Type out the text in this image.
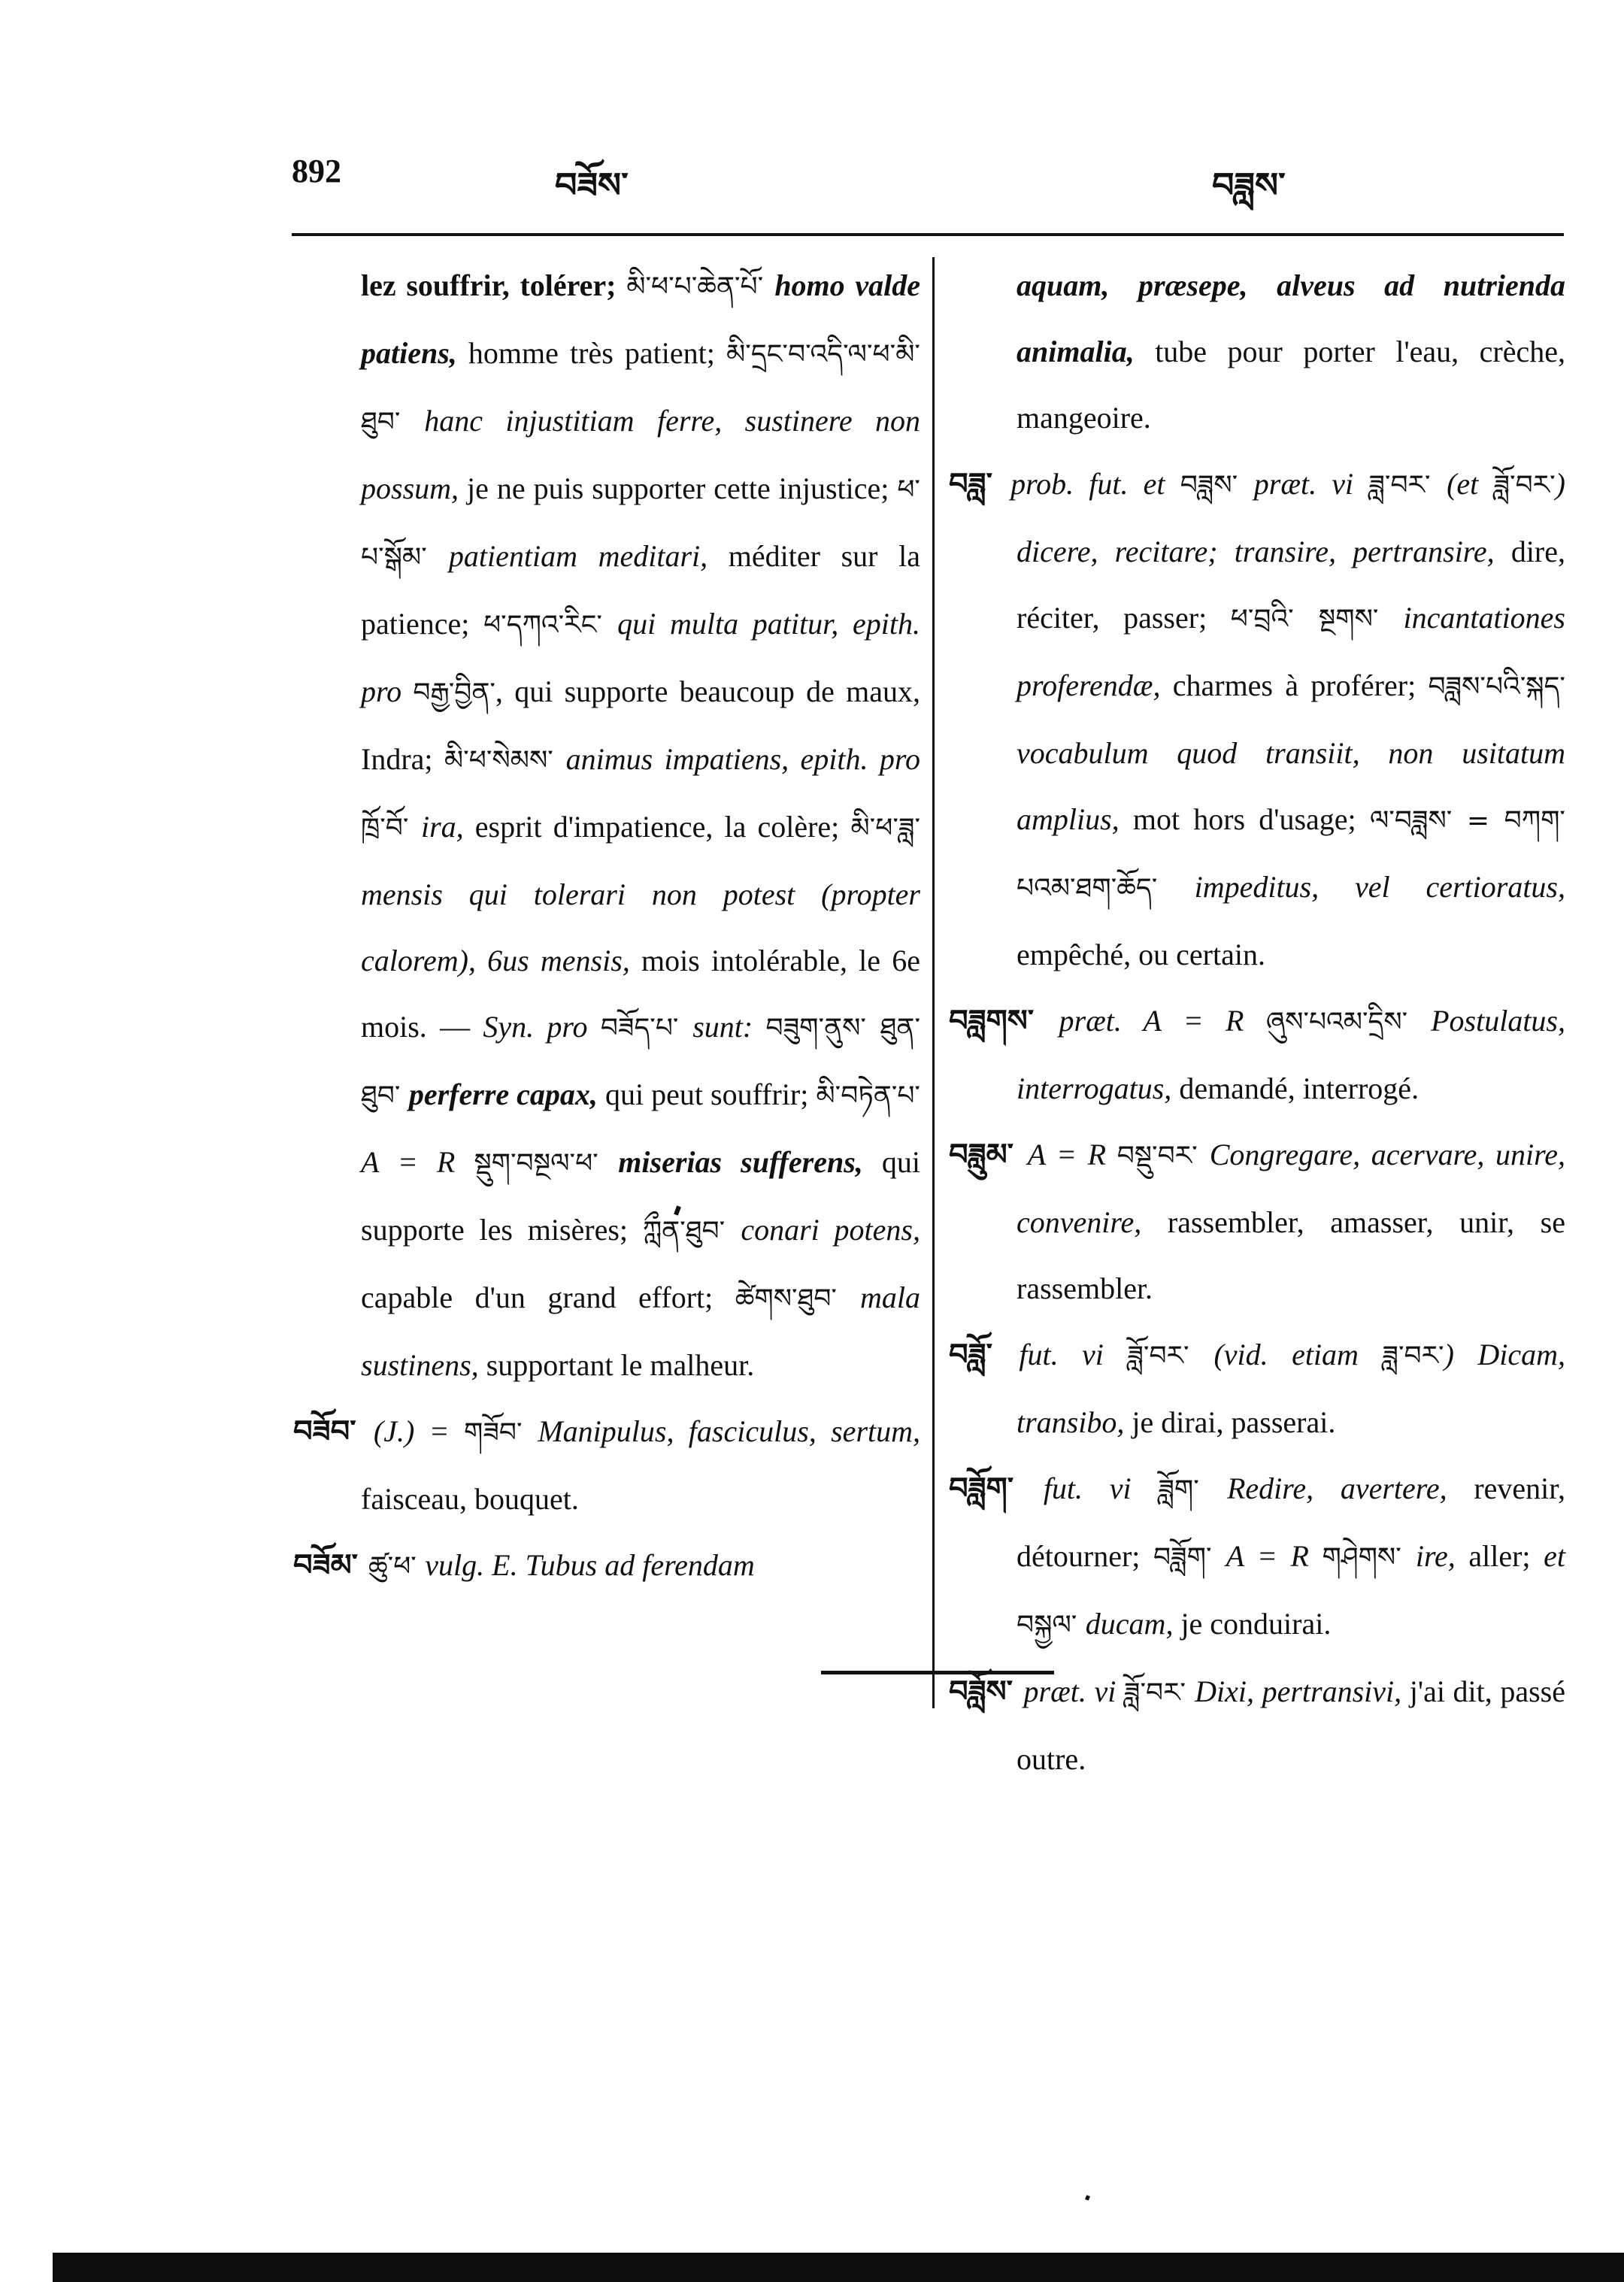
892	བཟོས་	བཟླས་

lez souffrir, tolérer; མི་ཕ་པ་ཆེན་པོ་ homo valde patiens, homme très patient; མི་དྲང་བ་འདི་ལ་ཕ་མི་ཐུབ་ hanc injustitiam ferre, sustinere non possum, je ne puis supporter cette injustice; ཕ་པ་སྒོམ་ patientiam meditari, méditer sur la patience; ཕ་དཀའ་རིང་ qui multa patitur, epith. pro བརྒྱ་བྱིན་, qui supporte beaucoup de maux, Indra; མི་ཕ་སེམས་ animus impatiens, epith. pro ཁྲོ་བོ་ ira, esprit d'impatience, la colère; མི་ཕ་ཟླ་ mensis qui tolerari non potest (propter calorem), 6us mensis, mois intolérable, le 6e mois. — Syn. pro བཟོད་པ་ sunt: བཟུག་ནུས་ ཐུན་ཐུབ་ perferre capax, qui peut souffrir; མི་བཏེན་པ་ A = R སྡུག་བསྔལ་ཕ་ miserias sufferens, qui supporte les misères; ཀླྀན་ཐུབ་ conari potens, capable d'un grand effort; ཚེགས་ཐུབ་ mala sustinens, supportant le malheur.

བཟོབ་ (J.) = གཟོབ་ Manipulus, fasciculus, sertum, faisceau, bouquet.

བཟོམ་ ཚུ་ཕ་ vulg. E. Tubus ad ferendam

aquam, præsepe, alveus ad nutrienda animalia, tube pour porter l'eau, crèche, mangeoire.

བཟླ་ prob. fut. et བཟླས་ præt. vi ཟླ་བར་ (et ཟློ་བར་) dicere, recitare; transire, pertransire, dire, réciter, passer; ཕ་བྲའི་ སྔགས་ incantationes proferendæ, charmes à proférer; བཟླས་པའི་སྐད་ vocabulum quod transiit, non usitatum amplius, mot hors d'usage; ལ་བཟླས་ = བཀག་པའམ་ཐག་ཆོད་ impeditus, vel certioratus, empêché, ou certain.

བཟླགས་ præt. A = R ཞུས་པའམ་དྲིས་ Postulatus, interrogatus, demandé, interrogé.

བཟླུམ་ A = R བསྡུ་བར་ Congregare, acervare, unire, convenire, rassembler, amasser, unir, se rassembler.

བཟློ་ fut. vi ཟློ་བར་ (vid. etiam ཟླ་བར་) Dicam, transibo, je dirai, passerai.

བཟློག་ fut. vi ཟློག་ Redire, avertere, revenir, détourner; བཟློག་ A = R གཤེགས་ ire, aller; et བསྐྱལ་ ducam, je conduirai.

བཟློས་ præt. vi ཟློ་བར་ Dixi, pertransivi, j'ai dit, passé outre.
